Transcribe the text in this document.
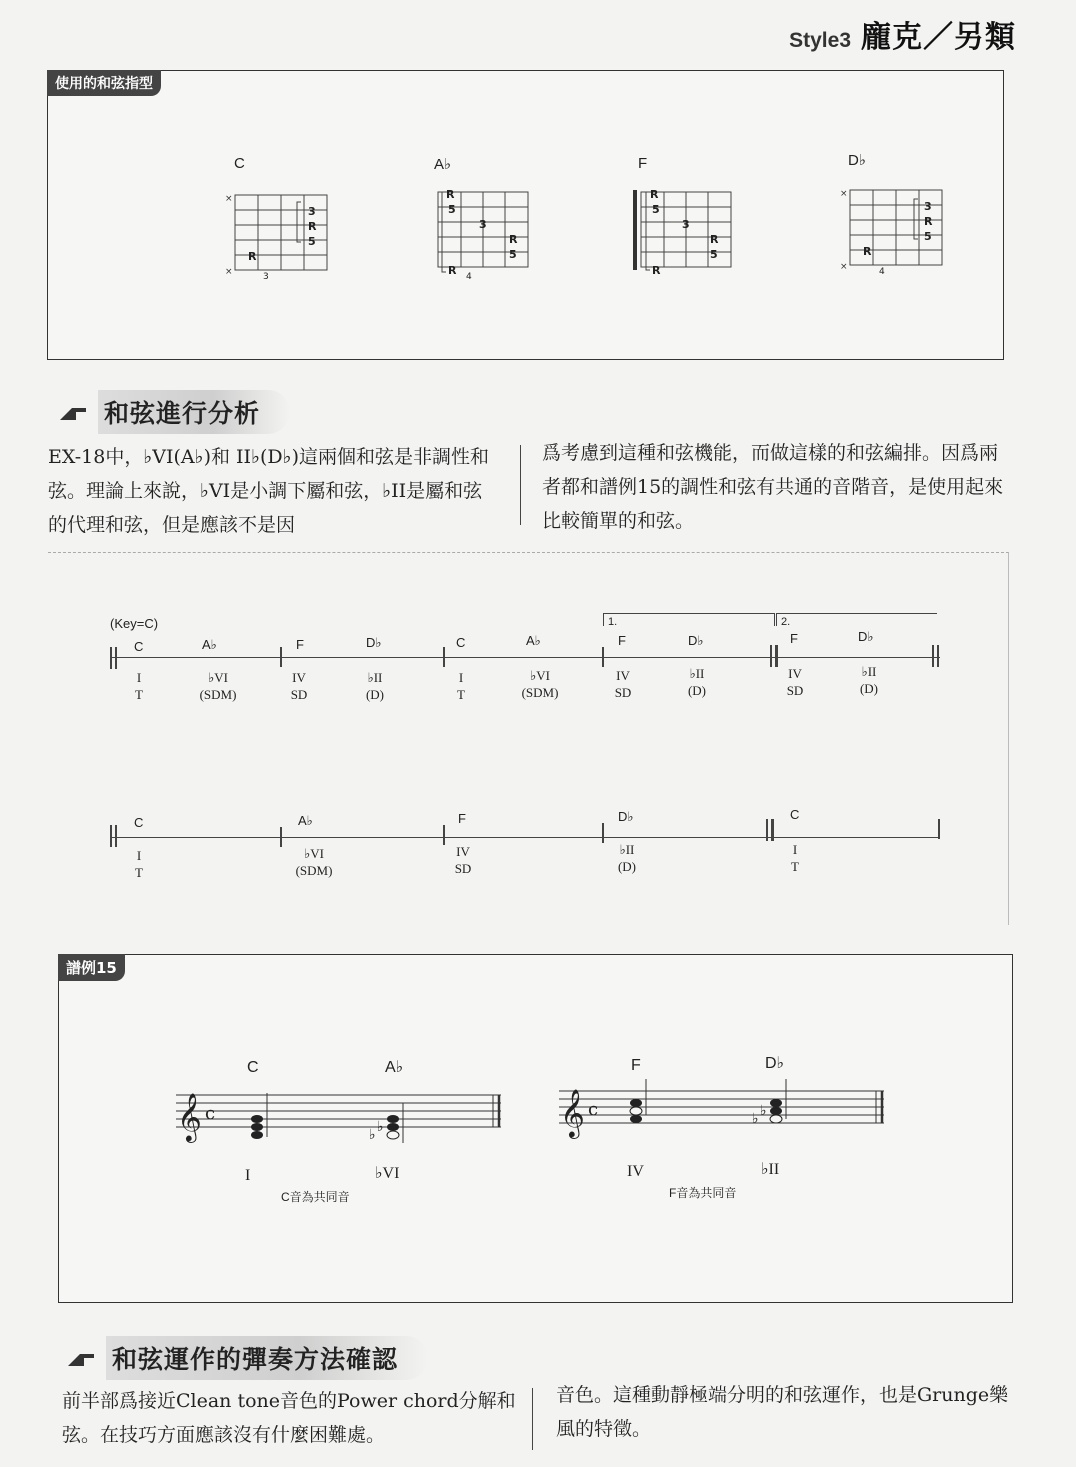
Style3 龐克／另類
使用的和弦指型
C
×
×
3
R
5
R
3
A♭
R
5
3
R
5
R 4
F
R
5
3
R
5
R
D♭
×
×
3
R
5
R
4
和弦進行分析
EX-18中，♭VI(A♭)和 II♭(D♭)這兩個和弦是非調性和弦。理論上來說，♭VI是小調下屬和弦，♭II是屬和弦的代理和弦，但是應該不是因
爲考慮到這種和弦機能，而做這樣的和弦編排。因爲兩者都和譜例15的調性和弦有共通的音階音，是使用起來比較簡單的和弦。
(Key=C)	1.	2.
C
I
T
A♭
♭VI
(SDM)
F
IV
SD
D♭
♭II
(D)
C
I
T
A♭
♭VI
(SDM)
F
IV
SD
D♭
♭II
(D)
F
IV
SD
D♭
♭II
(D)
C
I
T
A♭
♭VI
(SDM)
F
IV
SD
D♭
♭II
(D)
C
I
T
譜例15
C	A♭
𝄞 c
♭ ♭
I	♭VI
C音為共同音
F	D♭
𝄞 c	♭ ♭
IV	♭II
F音為共同音
和弦運作的彈奏方法確認
前半部爲接近Clean tone音色的Power chord分解和弦。在技巧方面應該沒有什麼困難處。
音色。這種動靜極端分明的和弦運作，也是Grunge樂風的特徵。
